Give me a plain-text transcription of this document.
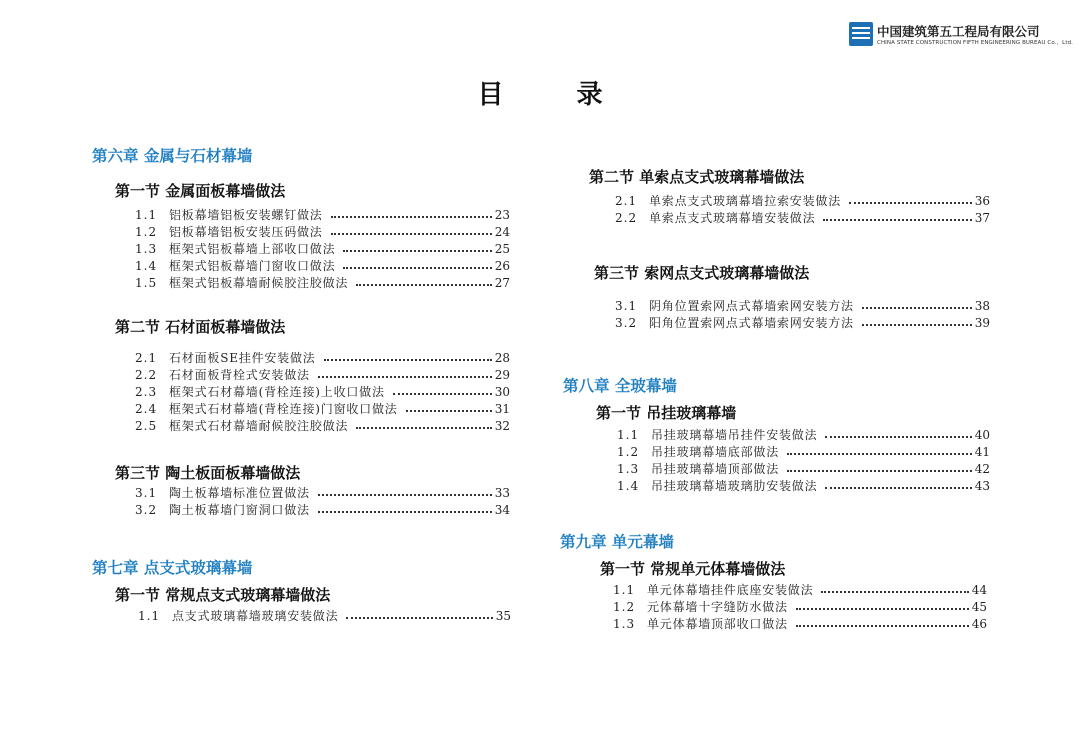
中国建筑第五工程局有限公司
CHINA STATE CONSTRUCTION FIFTH ENGINEERING BUREAU Co.，Ltd.
目 录
第六章 金属与石材幕墙
第一节 金属面板幕墙做法
1.1 铝板幕墙铝板安装螺钉做法	23
1.2 铝板幕墙铝板安装压码做法	24
1.3 框架式铝板幕墙上部收口做法	25
1.4 框架式铝板幕墙门窗收口做法	26
1.5 框架式铝板幕墙耐候胶注胶做法	27
第二节 石材面板幕墙做法
2.1 石材面板SE挂件安装做法	28
2.2 石材面板背栓式安装做法	29
2.3 框架式石材幕墙(背栓连接)上收口做法	30
2.4 框架式石材幕墙(背栓连接)门窗收口做法	31
2.5 框架式石材幕墙耐候胶注胶做法	32
第三节 陶土板面板幕墙做法
3.1 陶土板幕墙标准位置做法	33
3.2 陶土板幕墙门窗洞口做法	34
第七章 点支式玻璃幕墙
第一节 常规点支式玻璃幕墙做法
1.1 点支式玻璃幕墙玻璃安装做法	35
第二节 单索点支式玻璃幕墙做法
2.1 单索点支式玻璃幕墙拉索安装做法	36
2.2 单索点支式玻璃幕墙安装做法	37
第三节 索网点支式玻璃幕墙做法
3.1 阴角位置索网点式幕墙索网安装方法	38
3.2 阳角位置索网点式幕墙索网安装方法	39
第八章 全玻幕墙
第一节 吊挂玻璃幕墙
1.1 吊挂玻璃幕墙吊挂件安装做法	40
1.2 吊挂玻璃幕墙底部做法	41
1.3 吊挂玻璃幕墙顶部做法	42
1.4 吊挂玻璃幕墙玻璃肋安装做法	43
第九章 单元幕墙
第一节 常规单元体幕墙做法
1.1 单元体幕墙挂件底座安装做法	44
1.2 元体幕墙十字缝防水做法	45
1.3 单元体幕墙顶部收口做法	46
